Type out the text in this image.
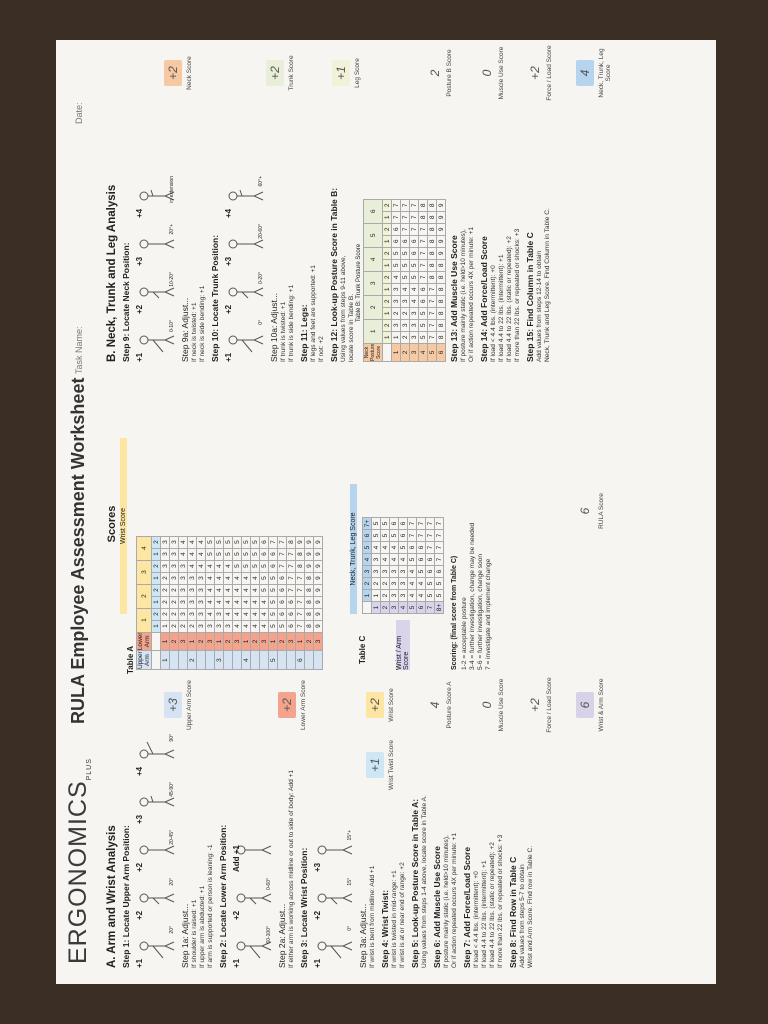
ERGONOMICSPLUS
RULA Employee Assessment Worksheet
Task Name:
Date:
A. Arm and Wrist Analysis Step 1: Locate Upper Arm Position: +1
20°
+2
20°
+2
20-45°
+3
45-90°
+4
90°
Step 1a: Adjust... If shoulder is raised: +1 If upper arm is abducted: +1 If arm is supported or person is leaning: -1 Step 2: Locate Lower Arm Position: +1
60-100°
+2
0-60°
Add +1
Step 2a: Adjust... If either arm is working across midline or out to side of body: Add +1 Step 3: Locate Wrist Position: +1
0°
+2
15°
+3
15°+
Step 3a: Adjust... If wrist is bent from midline: Add +1 Step 4: Wrist Twist: If wrist is twisted in mid-range: +1 If wrist is at or near end of range: +2 Step 5: Look-up Posture Score in Table A: Using values from steps 1-4 above, locate score in Table A. Step 6: Add Muscle Use Score If posture mainly static (i.e. held>10 minutes), Or if action repeated occurs 4X per minute: +1 Step 7: Add Force/Load Score If load < 4.4 lbs. (intermittent): +0 If load 4.4 to 22 lbs. (intermittent): +1 If load 4.4 to 22 lbs. (static or repeated): +2 If more than 22 lbs. or repeated or shocks: +3 Step 8: Find Row in Table C Add values from steps 5-7 to obtain Wrist and Arm Score. Find row in Table C.
+3 Upper Arm Score	+2 Lower Arm Score	+2 Wrist Score
+1 Wrist Twist Score
4 Posture Score A 0 Muscle Use Score +2 Force / Load Score 6 Wrist & Arm Score
Scores
Table A
Wrist Score
Upper Arm	Lower Arm	1		2		3		4	
		1	2	1	2	1	2	1	2
1	1	1	2	2	2	2	3	3	3
	2	2	2	2	2	3	3	3	3
	3	2	3	3	3	3	3	4	4
2	1	2	3	3	3	3	4	4	4
	2	3	3	3	3	3	4	4	4
	3	3	4	4	4	4	4	5	5
3	1	3	3	4	4	4	4	5	5
	2	3	4	4	4	4	4	5	5
	3	4	4	4	4	4	5	5	5
4	1	4	4	4	4	4	5	5	5
	2	4	4	4	4	4	5	5	5
	3	4	4	4	5	5	5	6	6
5	1	5	5	5	5	5	6	6	7
	2	5	6	6	6	6	7	7	7
	3	6	6	6	7	7	7	7	8
6	1	7	7	7	7	7	8	8	9
	2	8	8	8	8	8	9	9	9
	3	9	9	9	9	9	9	9	9
Table C
Neck, Trunk, Leg Score
Wrist / Arm Score
	1	2	3	4	5	6	7+
1	1	2	3	3	4	5	5
2	2	2	3	4	4	5	5
3	3	3	3	4	4	5	6
4	3	3	3	4	5	6	6
5	4	4	4	5	6	7	7
6	4	4	5	6	6	7	7
7	5	5	6	6	7	7	7
8+	5	5	6	7	7	7	7
Scoring: (final score from Table C) 1-2 = acceptable posture 3-4 = further investigation, change may be needed 5-6 = further investigation, change soon 7 = investigate and implement change
6 RULA Score
B. Neck, Trunk and Leg Analysis Step 9: Locate Neck Position: +1
0-10°
+2
10-20°
+3
20°+
+4
in extension
Step 9a: Adjust... If neck is twisted: +1 If neck is side bending: +1 Step 10: Locate Trunk Position: +1
0°
+2
0-20°
+3
20-60°
+4
60°+
Step 10a: Adjust... If trunk is twisted: +1 If trunk is side bending: +1 Step 11: Legs: If legs and feet are supported: +1 If not: +2 Step 12: Look-up Posture Score in Table B: Using values from steps 9-11 above, locate score in Table B.
Table B: Trunk Posture Score
Neck Posture Score	1		2		3		4		5		6	
	1	2	1	2	1	2	1	2	1	2	1	2
1	1	3	2	3	3	4	5	5	6	6	7	7
2	2	3	2	3	4	5	5	5	6	7	7	7
3	3	3	3	4	4	5	5	6	6	7	7	7
4	5	5	5	6	6	7	7	7	7	7	8	8
5	7	7	7	7	7	8	8	8	8	8	8	8
6	8	8	8	8	8	8	8	9	9	9	9	9
Step 13: Add Muscle Use Score If posture mainly static (i.e. held>10 minutes), Or if action repeated occurs 4X per minute: +1 Step 14: Add Force/Load Score If load < 4.4 lbs. (intermittent): +0 If load 4.4 to 22 lbs. (intermittent): +1 If load 4.4 to 22 lbs. (static or repeated): +2 If more than 22 lbs. or repeated or shocks: +3 Step 15: Find Column in Table C Add values from steps 12-14 to obtain Neck, Trunk and Leg Score. Find Column in Table C.
+2 Neck Score	+2 Trunk Score	+1 Leg Score	2 Posture B Score 0 Muscle Use Score +2 Force / Load Score 4 Neck, Trunk, Leg Score
